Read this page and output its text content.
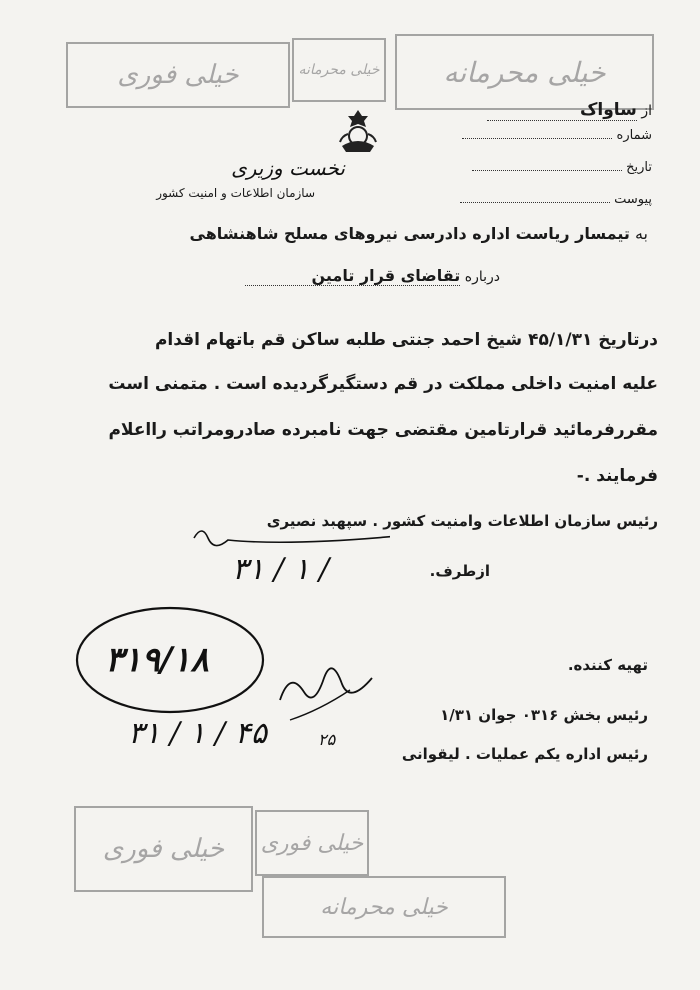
خیلی فوری	خیلی محرمانه خیلی محرمانه
نخست وزیری
سازمان اطلاعات و امنیت کشور
از ساواک
شماره
تاریخ
پیوست
به تیمسار ریاست اداره دادرسی نیروهای مسلح شاهنشاهی
درباره تقاضای قرار تامین
درتاریخ ۴۵/۱/۳۱ شیخ احمد جنتی طلبه ساکن قم باتهام اقدام
علیه امنیت داخلی مملکت در قم دستگیرگردیده است . متمنی است
مقررفرمائید قرارتامین مقتضی جهت نامبرده صادرومراتب رااعلام
فرمایند .-
رئیس سازمان اطلاعات وامنیت کشور . سپهبد نصیری
ازطرف.
۳۱ / ۱ /
۳۱۹/۱۸	تهیه کننده.
۲۵
رئیس بخش ۰۳۱۶ جوان ۱/۳۱
رئیس اداره یکم عملیات . لیقوانی
۳۱ / ۱ / ۴۵
خیلی فوری خیلی فوری
خیلی محرمانه
